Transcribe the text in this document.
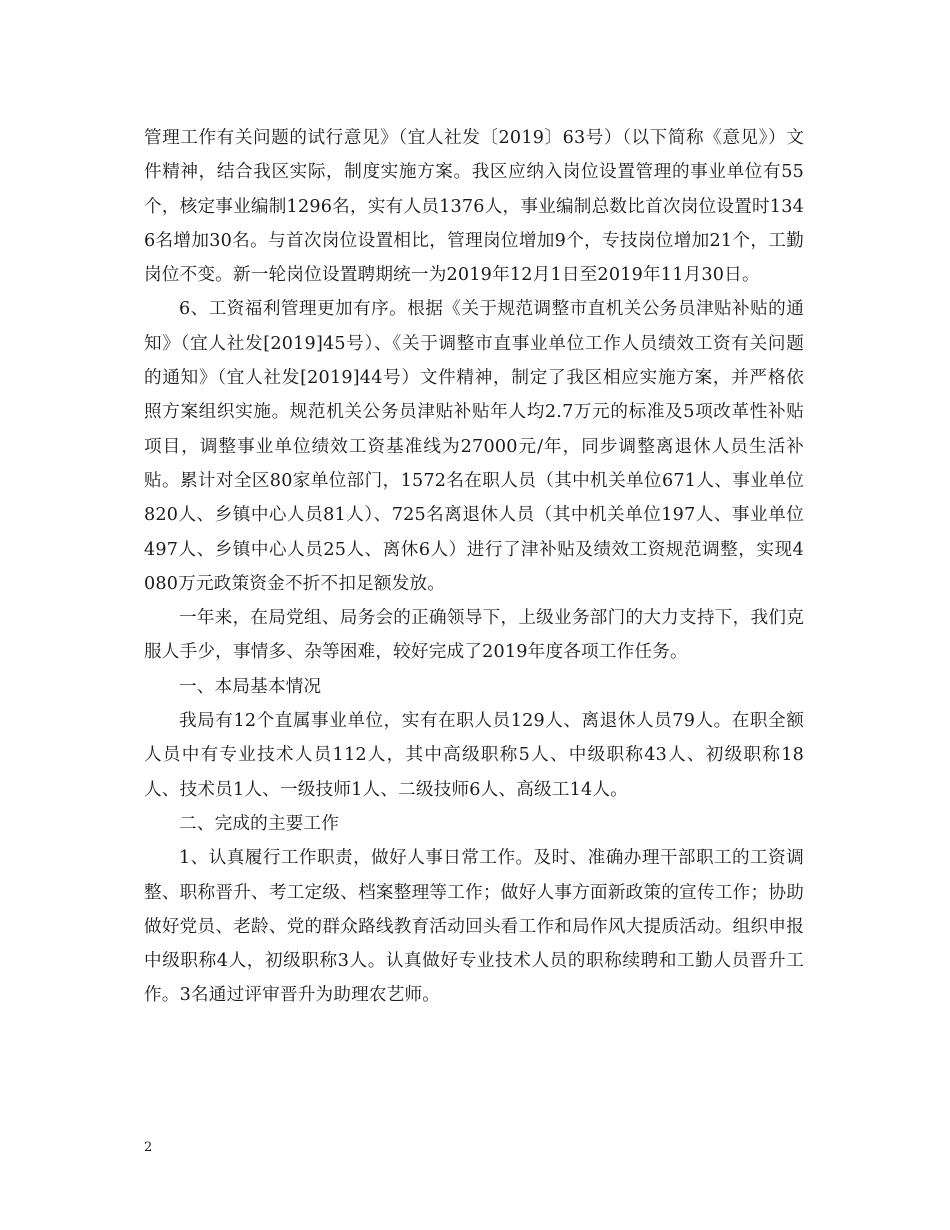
管理工作有关问题的试行意见》（宜人社发〔2019〕63号）（以下简称《意见》）文件精神，结合我区实际，制度实施方案。我区应纳入岗位设置管理的事业单位有55个，核定事业编制1296名，实有人员1376人，事业编制总数比首次岗位设置时1346名增加30名。与首次岗位设置相比，管理岗位增加9个，专技岗位增加21个，工勤岗位不变。新一轮岗位设置聘期统一为2019年12月1日至2019年11月30日。

6、工资福利管理更加有序。根据《关于规范调整市直机关公务员津贴补贴的通知》（宜人社发[2019]45号）、《关于调整市直事业单位工作人员绩效工资有关问题的通知》（宜人社发[2019]44号）文件精神，制定了我区相应实施方案，并严格依照方案组织实施。规范机关公务员津贴补贴年人均2.7万元的标准及5项改革性补贴项目，调整事业单位绩效工资基准线为27000元/年，同步调整离退休人员生活补贴。累计对全区80家单位部门，1572名在职人员（其中机关单位671人、事业单位820人、乡镇中心人员81人）、725名离退休人员（其中机关单位197人、事业单位497人、乡镇中心人员25人、离休6人）进行了津补贴及绩效工资规范调整，实现4080万元政策资金不折不扣足额发放。

一年来，在局党组、局务会的正确领导下，上级业务部门的大力支持下，我们克服人手少，事情多、杂等困难，较好完成了2019年度各项工作任务。

一、本局基本情况

我局有12个直属事业单位，实有在职人员129人、离退休人员79人。在职全额人员中有专业技术人员112人，其中高级职称5人、中级职称43人、初级职称18人、技术员1人、一级技师1人、二级技师6人、高级工14人。

二、完成的主要工作

1、认真履行工作职责，做好人事日常工作。及时、准确办理干部职工的工资调整、职称晋升、考工定级、档案整理等工作；做好人事方面新政策的宣传工作；协助做好党员、老龄、党的群众路线教育活动回头看工作和局作风大提质活动。组织申报中级职称4人，初级职称3人。认真做好专业技术人员的职称续聘和工勤人员晋升工作。3名通过评审晋升为助理农艺师。

2
